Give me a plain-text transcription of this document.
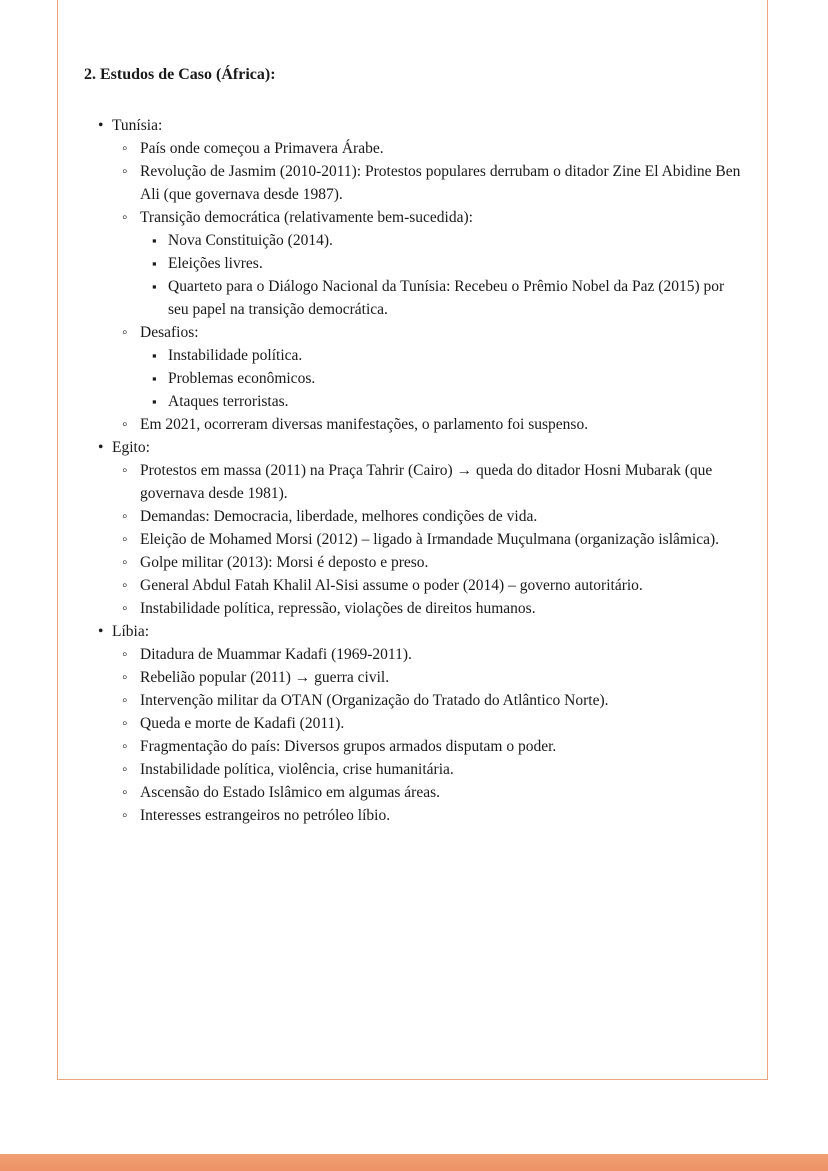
2. Estudos de Caso (África):
• Tunísia:
◦ País onde começou a Primavera Árabe.
◦ Revolução de Jasmim (2010-2011): Protestos populares derrubam o ditador Zine El Abidine Ben Ali (que governava desde 1987).
◦ Transição democrática (relativamente bem-sucedida):
▪ Nova Constituição (2014).
▪ Eleições livres.
▪ Quarteto para o Diálogo Nacional da Tunísia: Recebeu o Prêmio Nobel da Paz (2015) por seu papel na transição democrática.
◦ Desafios:
▪ Instabilidade política.
▪ Problemas econômicos.
▪ Ataques terroristas.
◦ Em 2021, ocorreram diversas manifestações, o parlamento foi suspenso.
• Egito:
◦ Protestos em massa (2011) na Praça Tahrir (Cairo) → queda do ditador Hosni Mubarak (que governava desde 1981).
◦ Demandas: Democracia, liberdade, melhores condições de vida.
◦ Eleição de Mohamed Morsi (2012) – ligado à Irmandade Muçulmana (organização islâmica).
◦ Golpe militar (2013): Morsi é deposto e preso.
◦ General Abdul Fatah Khalil Al-Sisi assume o poder (2014) – governo autoritário.
◦ Instabilidade política, repressão, violações de direitos humanos.
• Líbia:
◦ Ditadura de Muammar Kadafi (1969-2011).
◦ Rebelião popular (2011) → guerra civil.
◦ Intervenção militar da OTAN (Organização do Tratado do Atlântico Norte).
◦ Queda e morte de Kadafi (2011).
◦ Fragmentação do país: Diversos grupos armados disputam o poder.
◦ Instabilidade política, violência, crise humanitária.
◦ Ascensão do Estado Islâmico em algumas áreas.
◦ Interesses estrangeiros no petróleo líbio.
